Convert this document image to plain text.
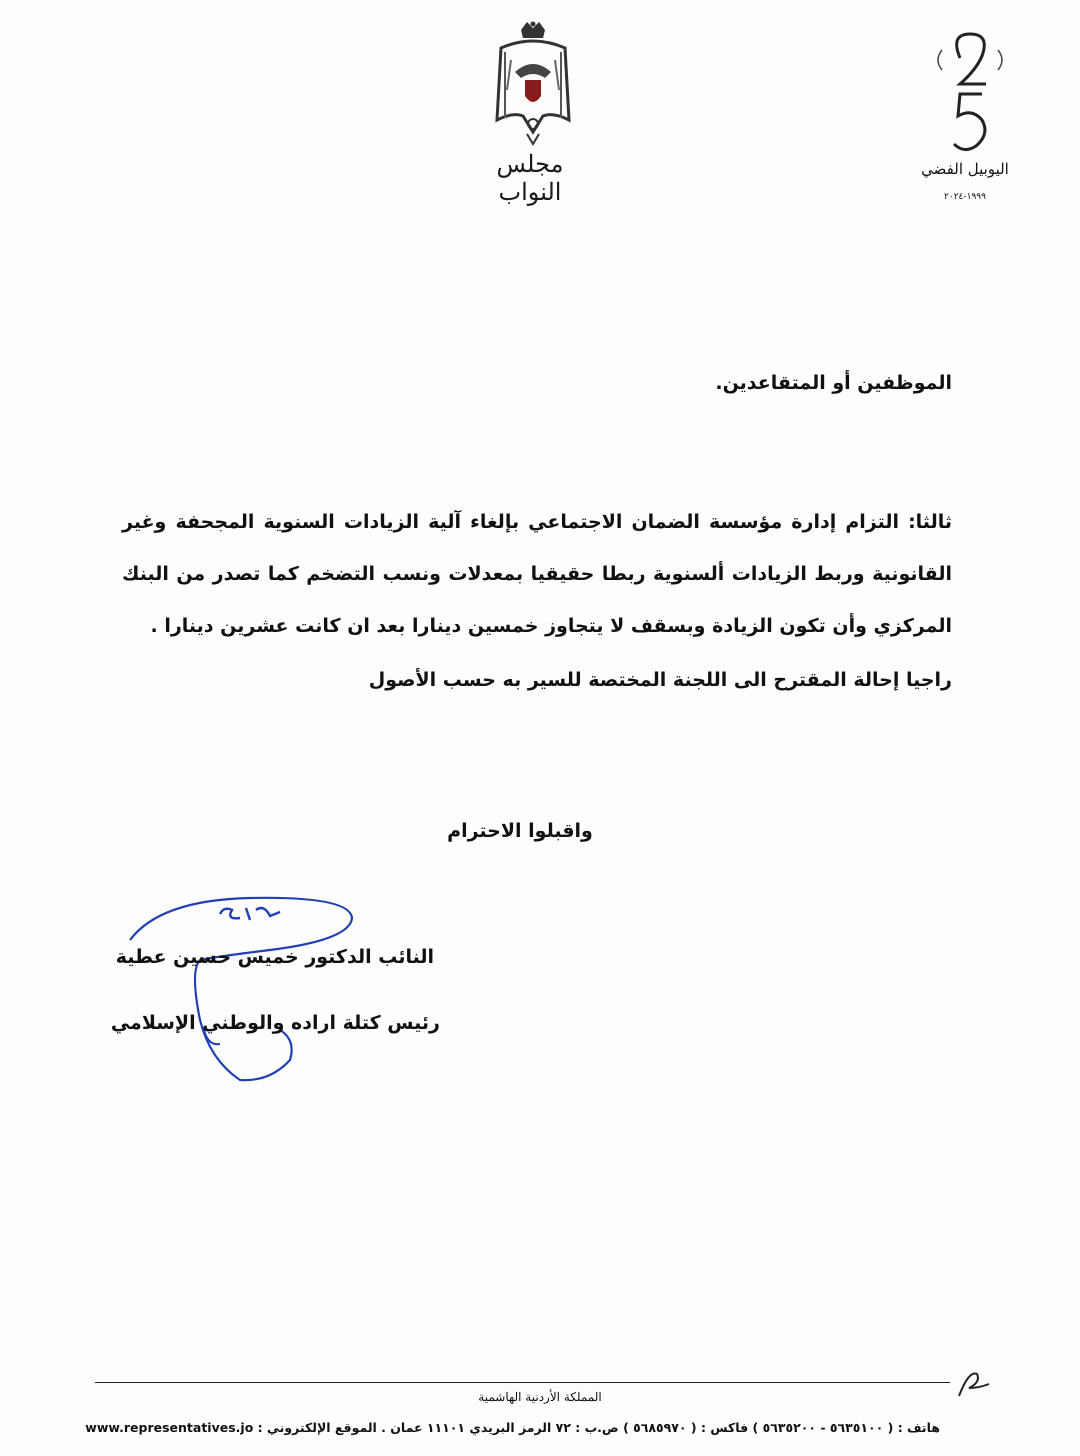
مجلس النواب
اليوبيل الفضي
١٩٩٩-٢٠٢٤
الموظفين أو المتقاعدين.
ثالثا: التزام إدارة مؤسسة الضمان الاجتماعي بإلغاء آلية الزيادات السنوية المجحفة وغير القانونية وربط الزيادات ألسنوية ربطا حقيقيا بمعدلات ونسب التضخم كما تصدر من البنك المركزي وأن تكون الزيادة وبسقف لا يتجاوز خمسين دينارا بعد ان كانت عشرين دينارا .
راجيا إحالة المقترح الى اللجنة المختصة للسير به حسب الأصول
واقبلوا الاحترام
النائب الدكتور خميس حسين عطية
رئيس كتلة اراده والوطني الإسلامي
المملكة الأردنية الهاشمية
هاتف : ( ٥٦٣٥١٠٠ - ٥٦٣٥٢٠٠ ) فاكس : ( ٥٦٨٥٩٧٠ ) ص.ب : ٧٢ الرمز البريدي ١١١٠١ عمان . الموقع الإلكتروني : www.representatives.jo
